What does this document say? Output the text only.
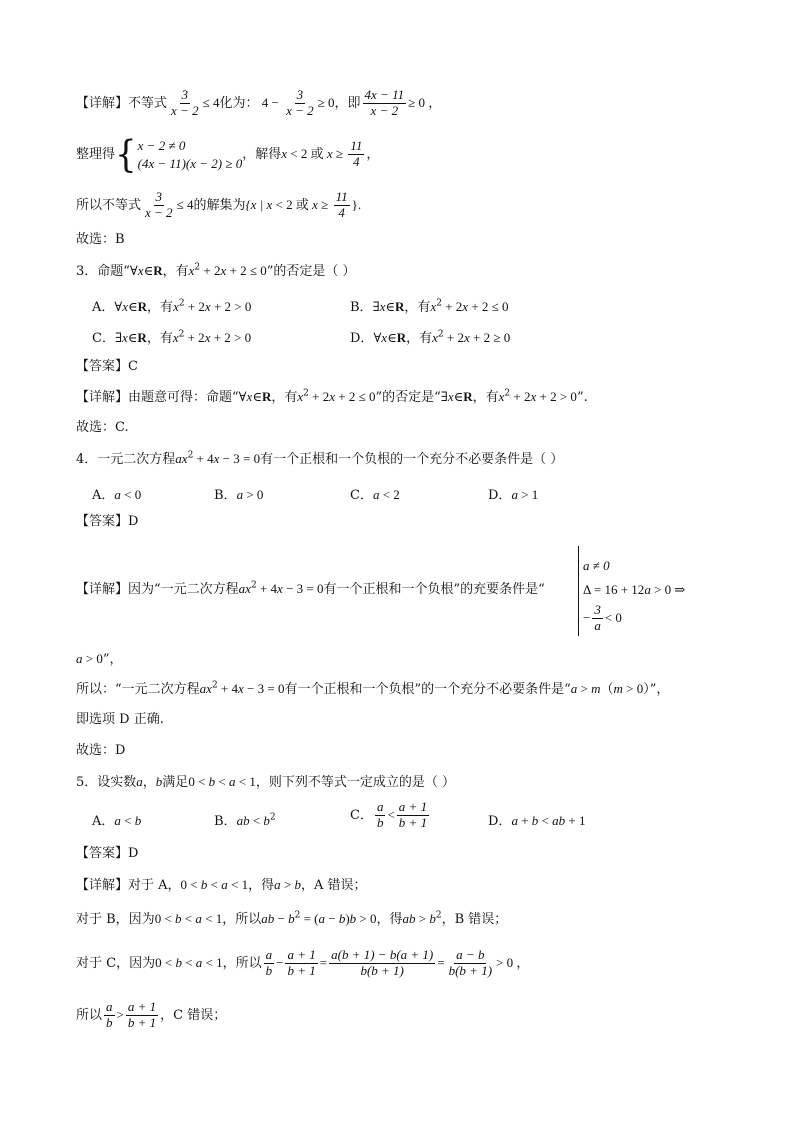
【详解】不等式 $\frac{3}{x - 2} \le 4$化为： $4 - \frac{3}{x - 2} \ge 0$，即 $\frac{4x - 11}{x - 2} \ge 0$ ，
整理得{ x − 2 ≠ 0
(4x − 11)(x − 2) ≥ 0
，解得x < 2 或 $x \ge \frac{11}{4}$ ，
所以不等式 $\frac{3}{x - 2} \le 4$的解集为{x | x < 2 或 $x \ge \frac{11}{4}$ }.
故选：B
3．命题“∀x∈R，有$x^2 + 2x + 2 \le 0$”的否定是（ ）
A．∀x∈R，有$x^2 + 2x + 2 > 0$	B．∃x∈R，有$x^2 + 2x + 2 \le 0$
C．∃x∈R，有$x^2 + 2x + 2 > 0$	D．∀x∈R，有$x^2 + 2x + 2 \ge 0$
【答案】C
【详解】由题意可得：命题“∀x∈R，有$x^2 + 2x + 2 \le 0$”的否定是“∃x∈R，有$x^2 + 2x + 2 > 0$”.
故选：C.
4．一元二次方程$ax^2 + 4x - 3 = 0$有一个正根和一个负根的一个充分不必要条件是（ ）
A．a < 0	B．a > 0	C．a < 2	D．a > 1
【答案】D
【详解】因为“一元二次方程$ax^2 + 4x - 3 = 0$有一个正根和一个负根”的充要条件是“
a ≠ 0
Δ = 16 + 12a > 0 ⇒
− $\frac{3}{a} < 0$
a > 0”，
所以：“一元二次方程$ax^2 + 4x - 3 = 0$有一个正根和一个负根”的一个充分不必要条件是“a > m（m > 0）”，
即选项 D 正确.
故选：D
5．设实数a，b满足0 < b < a < 1，则下列不等式一定成立的是（ ）
A．a < b	B．ab < $b^2$	C． $\frac{a}{b} < \frac{a + 1}{b + 1}$	D．a + b < ab + 1
【答案】D
【详解】对于 A，0 < b < a < 1，得a > b，A 错误；
对于 B，因为0 < b < a < 1，所以ab − $b^2 = (a - b)b > 0$，得ab > $b^2$，B 错误；
对于 C，因为0 < b < a < 1，所以 $\frac{a}{b} - \frac{a + 1}{b + 1} = \frac{a(b + 1) - b(a + 1)}{b(b + 1)} = \frac{a - b}{b(b + 1)} > 0$ ，
所以 $\frac{a}{b} > \frac{a + 1}{b + 1}$ ，C 错误；
